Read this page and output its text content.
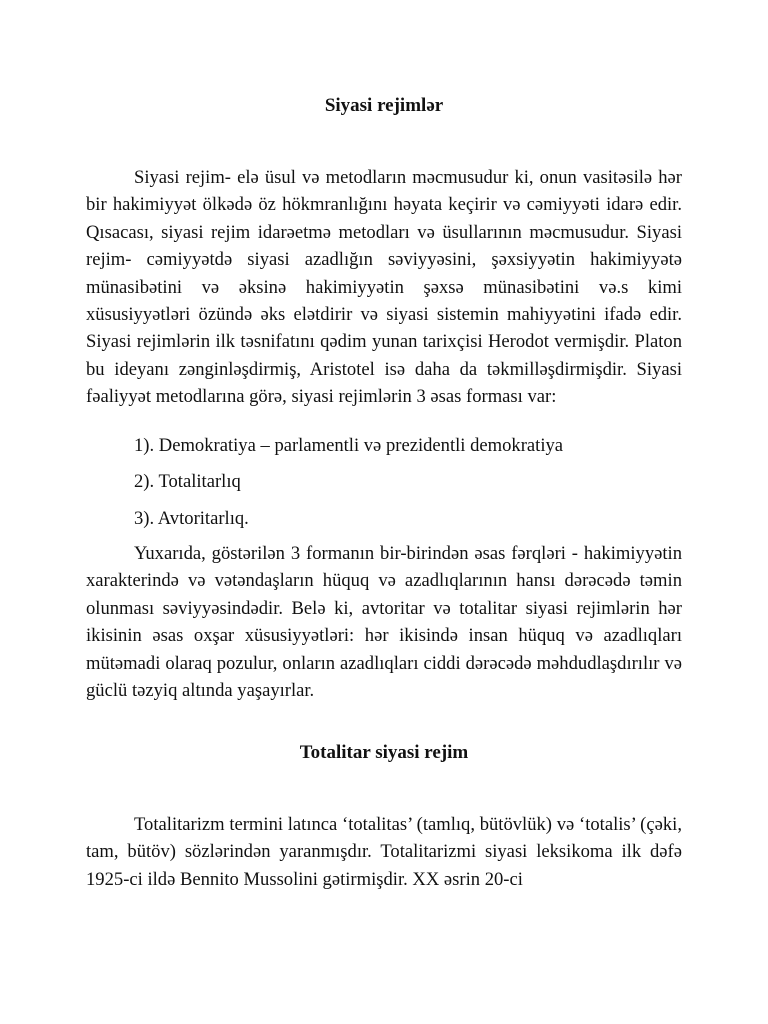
Siyasi rejimlər

Siyasi rejim- elə üsul və metodların məcmusudur ki, onun vasitəsilə hər bir hakimiyyət ölkədə öz hökmranlığını həyata keçirir və cəmiyyəti idarə edir. Qısacası, siyasi rejim idarəetmə metodları və üsullarının məcmusudur. Siyasi rejim- cəmiyyətdə siyasi azadlığın səviyyəsini, şəxsiyyətin hakimiyyətə münasibətini və əksinə hakimiyyətin şəxsə münasibətini və.s kimi xüsusiyyətləri özündə əks elətdirir və siyasi sistemin mahiyyətini ifadə edir. Siyasi rejimlərin ilk təsnifatını qədim yunan tarixçisi Herodot vermişdir. Platon bu ideyanı zənginləşdirmiş, Aristotel isə daha da təkmilləşdirmişdir. Siyasi fəaliyyət metodlarına görə, siyasi rejimlərin 3 əsas forması var:

1). Demokratiya – parlamentli və prezidentli demokratiya

2). Totalitarlıq

3). Avtoritarlıq.

Yuxarıda, göstərilən 3 formanın bir-birindən əsas fərqləri - hakimiyyətin xarakterində və vətəndaşların hüquq və azadlıqlarının hansı dərəcədə təmin olunması səviyyəsindədir. Belə ki, avtoritar və totalitar siyasi rejimlərin hər ikisinin əsas oxşar xüsusiyyətləri: hər ikisində insan hüquq və azadlıqları mütəmadi olaraq pozulur, onların azadlıqları ciddi dərəcədə məhdudlaşdırılır və güclü təzyiq altında yaşayırlar.

Totalitar siyasi rejim

Totalitarizm termini latınca ‘totalitas’ (tamlıq, bütövlük) və ‘totalis’ (çəki, tam, bütöv) sözlərindən yaranmışdır. Totalitarizmi siyasi leksikoma ilk dəfə 1925-ci ildə Bennito Mussolini gətirmişdir. XX əsrin 20-ci
